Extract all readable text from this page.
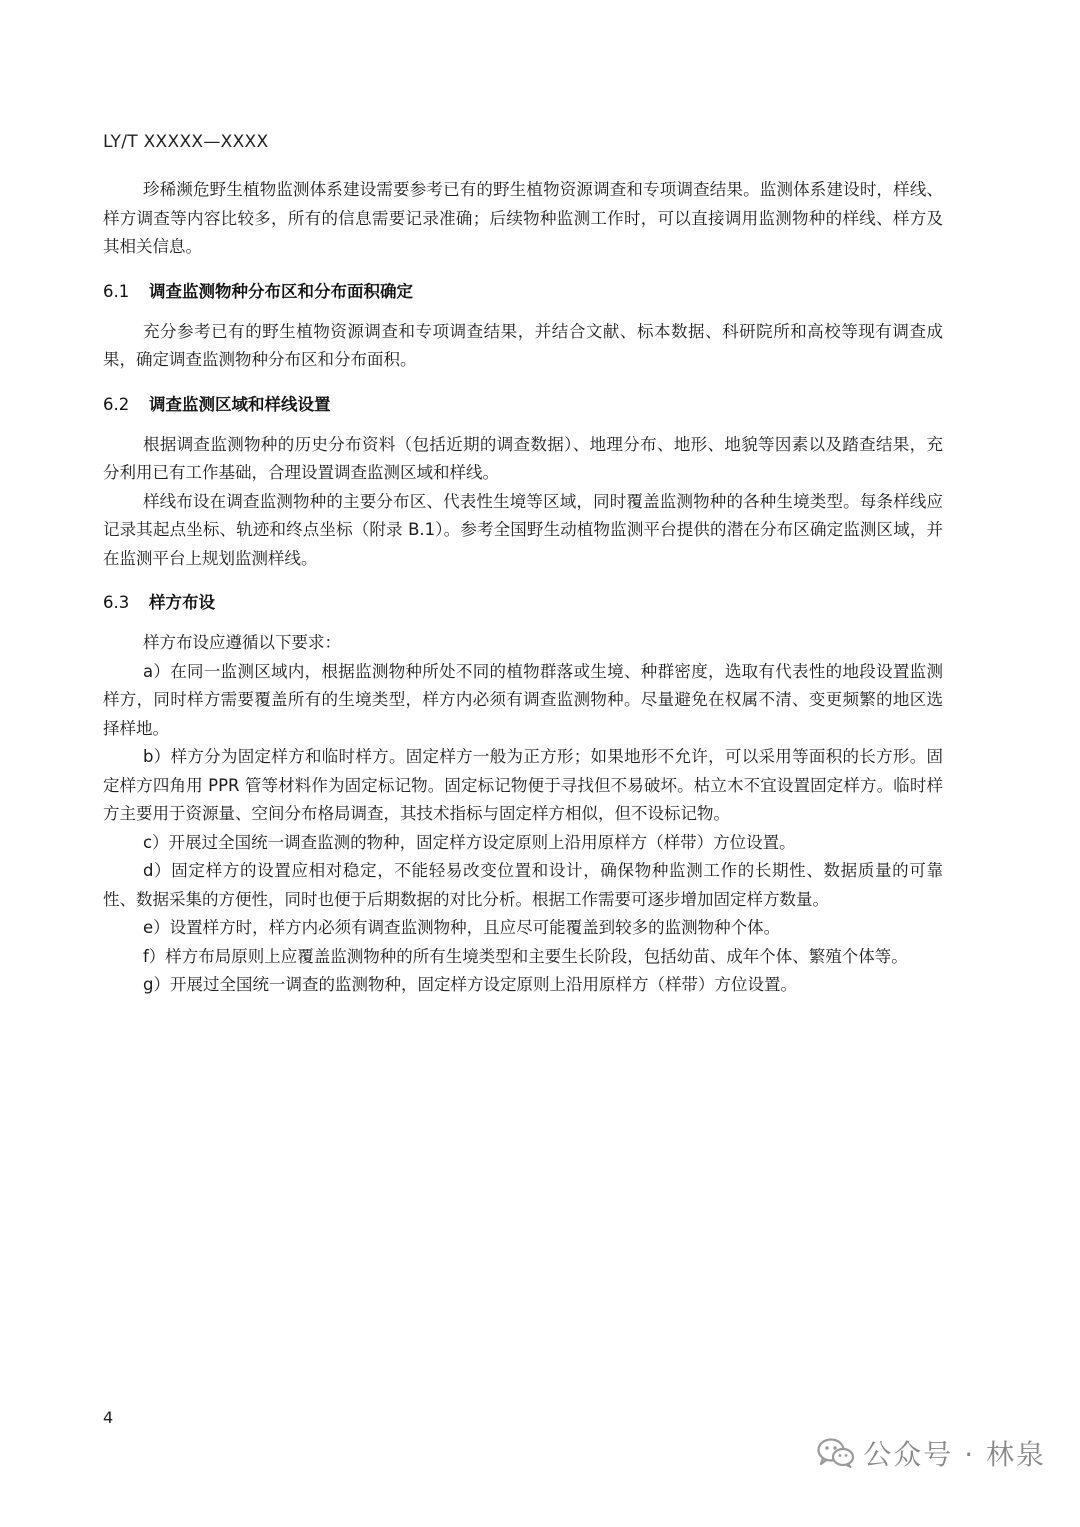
LY/T XXXXX—XXXX

珍稀濒危野生植物监测体系建设需要参考已有的野生植物资源调查和专项调查结果。监测体系建设时，样线、样方调查等内容比较多，所有的信息需要记录准确；后续物种监测工作时，可以直接调用监测物种的样线、样方及其相关信息。

6.1	调查监测物种分布区和分布面积确定

充分参考已有的野生植物资源调查和专项调查结果，并结合文献、标本数据、科研院所和高校等现有调查成果，确定调查监测物种分布区和分布面积。

6.2	调查监测区域和样线设置

根据调查监测物种的历史分布资料（包括近期的调查数据）、地理分布、地形、地貌等因素以及踏查结果，充分利用已有工作基础，合理设置调查监测区域和样线。

样线布设在调查监测物种的主要分布区、代表性生境等区域，同时覆盖监测物种的各种生境类型。每条样线应记录其起点坐标、轨迹和终点坐标（附录 B.1）。参考全国野生动植物监测平台提供的潜在分布区确定监测区域，并在监测平台上规划监测样线。

6.3	样方布设

样方布设应遵循以下要求：

a）在同一监测区域内，根据监测物种所处不同的植物群落或生境、种群密度，选取有代表性的地段设置监测样方，同时样方需要覆盖所有的生境类型，样方内必须有调查监测物种。尽量避免在权属不清、变更频繁的地区选择样地。

b）样方分为固定样方和临时样方。固定样方一般为正方形；如果地形不允许，可以采用等面积的长方形。固定样方四角用 PPR 管等材料作为固定标记物。固定标记物便于寻找但不易破坏。枯立木不宜设置固定样方。临时样方主要用于资源量、空间分布格局调查，其技术指标与固定样方相似，但不设标记物。

c）开展过全国统一调查监测的物种，固定样方设定原则上沿用原样方（样带）方位设置。

d）固定样方的设置应相对稳定，不能轻易改变位置和设计，确保物种监测工作的长期性、数据质量的可靠性、数据采集的方便性，同时也便于后期数据的对比分析。根据工作需要可逐步增加固定样方数量。

e）设置样方时，样方内必须有调查监测物种，且应尽可能覆盖到较多的监测物种个体。

f）样方布局原则上应覆盖监测物种的所有生境类型和主要生长阶段，包括幼苗、成年个体、繁殖个体等。

g）开展过全国统一调查的监测物种，固定样方设定原则上沿用原样方（样带）方位设置。

4
公众号 · 林泉
